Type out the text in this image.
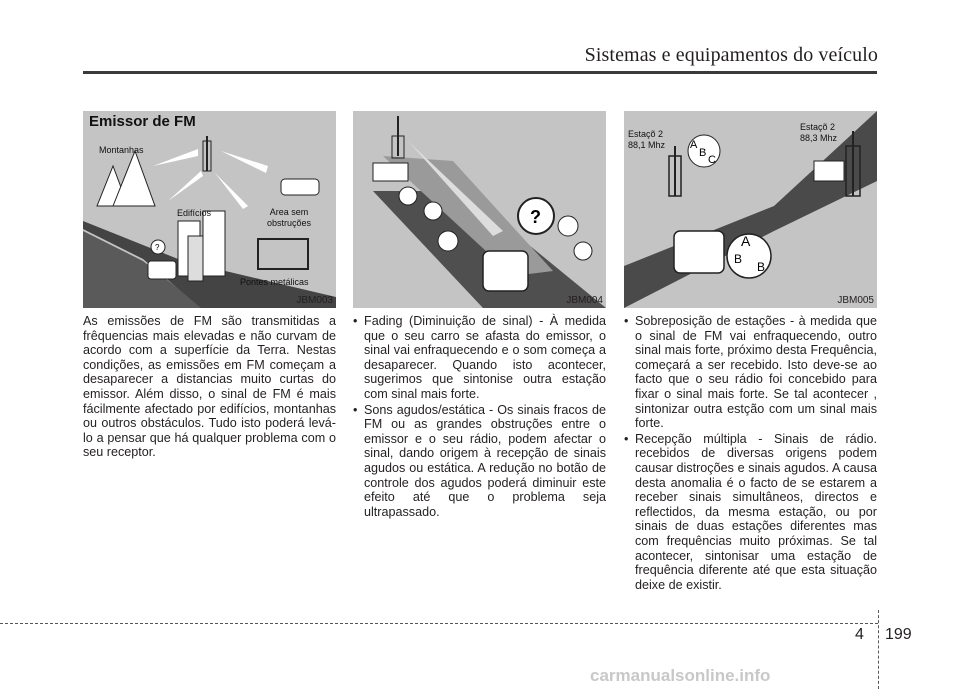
Sistemas e equipamentos do veículo
?
Emissor de FM
Montanhas
Edifícios	Area sem obstruções
Pontes metálicas
JBM003
?
JBM004
A
B
C
A
B
B
Estaçõ 2
88,1 Mhz
Estaçõ 2
88,3 Mhz
JBM005

As emissões de FM são transmitidas a frêquencias mais elevadas e não curvam de acordo com a superfície da Terra. Nestas condições, as emissões em FM começam a desaparecer a distancias muito curtas do emissor. Além disso, o sinal de FM é mais fácilmente afectado por edifícios, montanhas ou outros obstáculos. Tudo isto poderá levá-lo a pensar que há qualquer problema com o seu receptor.

• Fading (Diminuição de sinal) - À medida que o seu carro se afasta do emissor, o sinal vai enfraquecendo e o som começa a desaparecer. Quando isto acontecer, sugerimos que sintonise outra estação com sinal mais forte.
• Sons agudos/estática - Os sinais fracos de FM ou as grandes obstruções entre o emissor e o seu rádio, podem afectar o sinal, dando origem à recepção de sinais agudos ou estática. A redução no botão de controle dos agudos poderá diminuir este efeito até que o problema seja ultrapassado.
• Sobreposição de estações - à medida que o sinal de FM vai enfraquecendo, outro sinal mais forte, próximo desta Frequência, começará a ser recebido. Isto deve-se ao facto que o seu rádio foi concebido para fixar o sinal mais forte. Se tal acontecer , sintonizar outra estção com um sinal mais forte.
• Recepção múltipla - Sinais de rádio. recebidos de diversas origens podem causar distroções e sinais agudos. A causa desta anomalia é o facto de se estarem a receber sinais simultâneos, directos e reflectidos, da mesma estação, ou por sinais de duas estações diferentes mas com frequências muito próximas. Se tal acontecer, sintonisar uma estação de frequência diferente até que esta situação deixe de existir.
4 199
carmanualsonline.info
